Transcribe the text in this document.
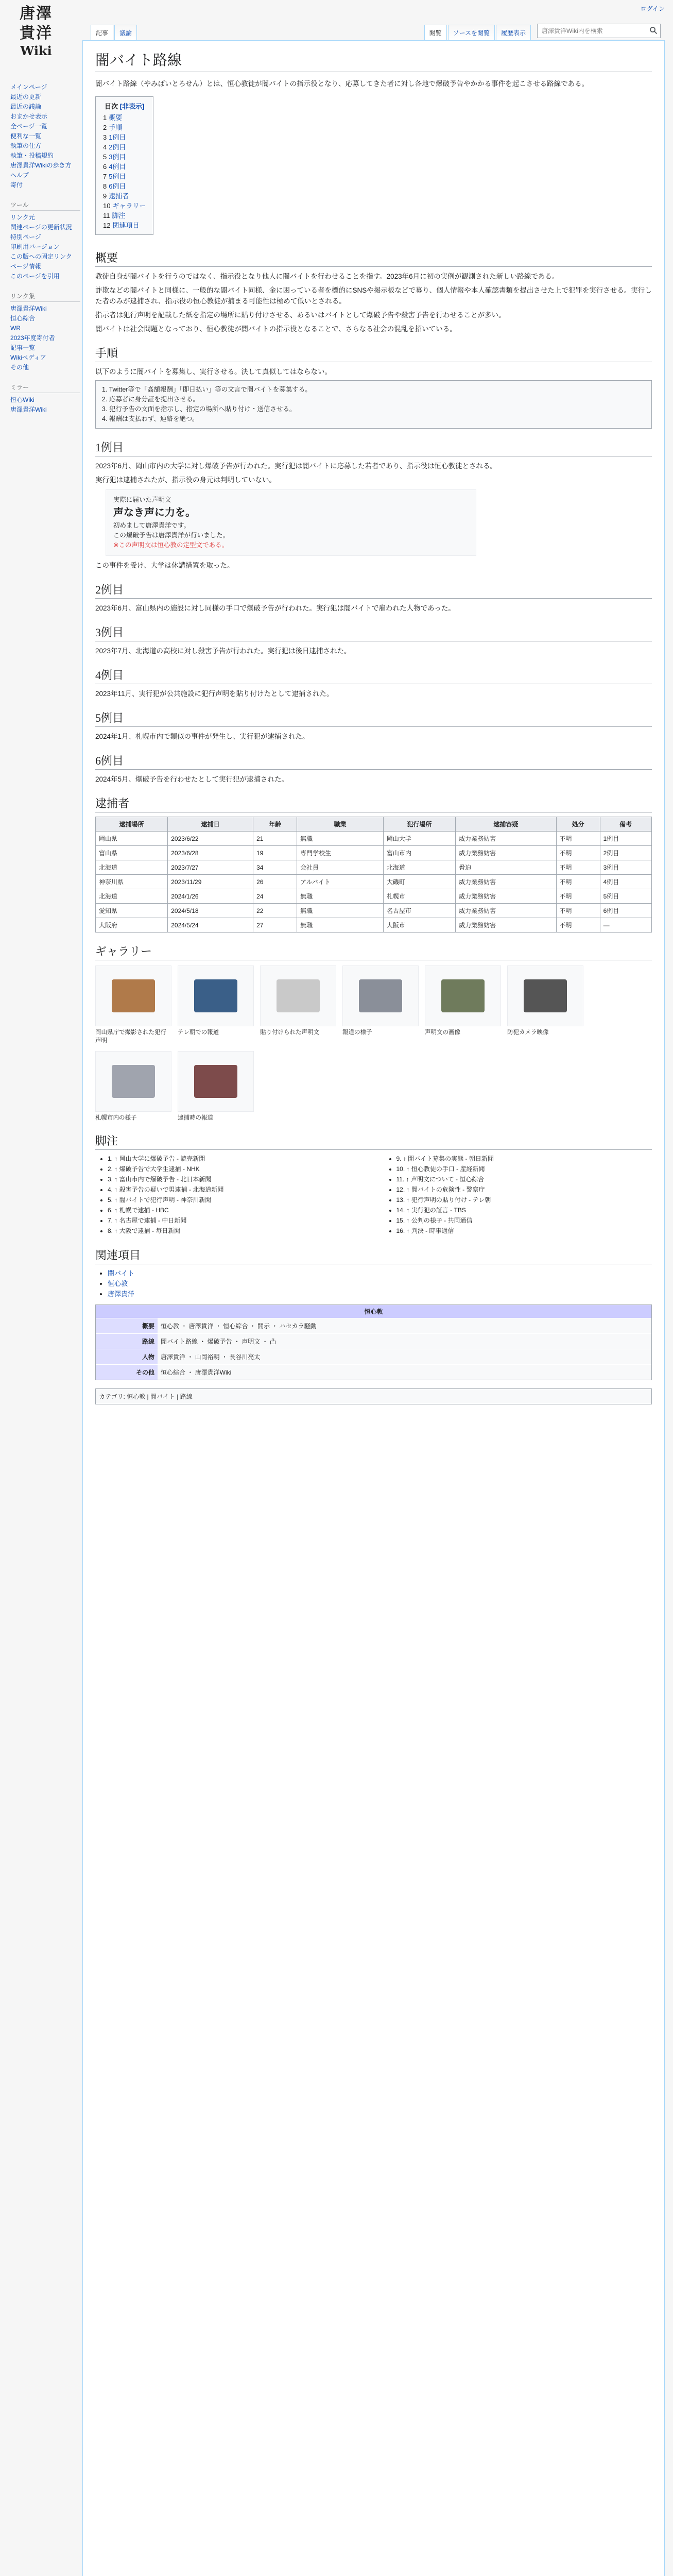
唐澤
貴洋
Wiki
ログイン
記事	議論	閲覧	ソースを閲覧	履歴表示
唐澤貴洋Wiki内を検索
メインページ
最近の更新
最近の議論
おまかせ表示
全ページ一覧
便利な一覧
執筆の仕方
執筆・投稿規約
唐澤貴洋Wikiの歩き方
ヘルプ
寄付
ツール
リンク元
関連ページの更新状況
特別ページ
印刷用バージョン
この版への固定リンク
ページ情報
このページを引用
リンク集
唐澤貴洋Wiki
恒心綜合
WR
2023年度寄付者
記事一覧
Wikiペディア
その他
ミラー
恒心Wiki
唐澤貴洋Wiki
闇バイト路線

闇バイト路線（やみばいとろせん）とは、恒心教徒が闇バイトの指示役となり、応募してきた者に対し各地で爆破予告やかかる事件を起こさせる路線である。

目次 [非表示]
1 概要
2 手順
3 1例目
4 2例目
5 3例目
6 4例目
7 5例目
8 6例目
9 逮捕者
10 ギャラリー
11 脚注
12 関連項目
概要

教徒自身が闇バイトを行うのではなく、指示役となり他人に闇バイトを行わせることを指す。2023年6月に初の実例が観測された新しい路線である。

詐欺などの闇バイトと同様に、一般的な闇バイト同様、金に困っている者を標的にSNSや掲示板などで募り、個人情報や本人確認書類を提出させた上で犯罪を実行させる。実行した者のみが逮捕され、指示役の恒心教徒が捕まる可能性は極めて低いとされる。

指示者は犯行声明を記載した紙を指定の場所に貼り付けさせる、あるいはバイトとして爆破予告や殺害予告を行わせることが多い。

闇バイトは社会問題となっており、恒心教徒が闇バイトの指示役となることで、さらなる社会の混乱を招いている。

手順

以下のように闇バイトを募集し、実行させる。決して真似してはならない。

1. Twitter等で「高額報酬」「即日払い」等の文言で闇バイトを募集する。
2. 応募者に身分証を提出させる。
3. 犯行予告の文面を指示し、指定の場所へ貼り付け・送信させる。
4. 報酬は支払わず、連絡を絶つ。
1例目

2023年6月、岡山市内の大学に対し爆破予告が行われた。実行犯は闇バイトに応募した若者であり、指示役は恒心教徒とされる。

実行犯は逮捕されたが、指示役の身元は判明していない。

実際に届いた声明文
声なき声に力を。
初めまして唐澤貴洋です。
この爆破予告は唐澤貴洋が行いました。
※この声明文は恒心教の定型文である。

この事件を受け、大学は休講措置を取った。

2例目

2023年6月、富山県内の施設に対し同様の手口で爆破予告が行われた。実行犯は闇バイトで雇われた人物であった。

3例目

2023年7月、北海道の高校に対し殺害予告が行われた。実行犯は後日逮捕された。

4例目

2023年11月、実行犯が公共施設に犯行声明を貼り付けたとして逮捕された。

5例目

2024年1月、札幌市内で類似の事件が発生し、実行犯が逮捕された。

6例目

2024年5月、爆破予告を行わせたとして実行犯が逮捕された。

逮捕者
逮捕場所	逮捕日	年齢	職業	犯行場所	逮捕容疑	処分	備考
岡山県	2023/6/22	21	無職	岡山大学	威力業務妨害	不明	1例目
富山県	2023/6/28	19	専門学校生	富山市内	威力業務妨害	不明	2例目
北海道	2023/7/27	34	会社員	北海道	脅迫	不明	3例目
神奈川県	2023/11/29	26	アルバイト	大磯町	威力業務妨害	不明	4例目
北海道	2024/1/26	24	無職	札幌市	威力業務妨害	不明	5例目
愛知県	2024/5/18	22	無職	名古屋市	威力業務妨害	不明	6例目
大阪府	2024/5/24	27	無職	大阪市	威力業務妨害	不明	—
ギャラリー
岡山県庁で撮影された犯行声明
テレ朝での報道	貼り付けられた声明文	報道の様子	声明文の画像	防犯カメラ映像
札幌市内の様子	逮捕時の報道
脚注
• 1. ↑ 岡山大学に爆破予告 - 読売新聞
• 2. ↑ 爆破予告で大学生逮捕 - NHK
• 3. ↑ 富山市内で爆破予告 - 北日本新聞
• 4. ↑ 殺害予告の疑いで男逮捕 - 北海道新聞
• 5. ↑ 闇バイトで犯行声明 - 神奈川新聞
• 6. ↑ 札幌で逮捕 - HBC
• 7. ↑ 名古屋で逮捕 - 中日新聞
• 8. ↑ 大阪で逮捕 - 毎日新聞
• 9. ↑ 闇バイト募集の実態 - 朝日新聞
• 10. ↑ 恒心教徒の手口 - 産経新聞
• 11. ↑ 声明文について - 恒心綜合
• 12. ↑ 闇バイトの危険性 - 警察庁
• 13. ↑ 犯行声明の貼り付け - テレ朝
• 14. ↑ 実行犯の証言 - TBS
• 15. ↑ 公判の様子 - 共同通信
• 16. ↑ 判決 - 時事通信
関連項目
• 闇バイト
• 恒心教
• 唐澤貴洋
恒心教
概要	恒心教 ・ 唐澤貴洋 ・ 恒心綜合 ・ 開示 ・ ハセカラ騒動
路線	闇バイト路線 ・ 爆破予告 ・ 声明文 ・ 凸
人物	唐澤貴洋 ・ 山岡裕明 ・ 長谷川亮太
その他	恒心綜合 ・ 唐澤貴洋Wiki
カテゴリ: 恒心教 | 闇バイト | 路線
